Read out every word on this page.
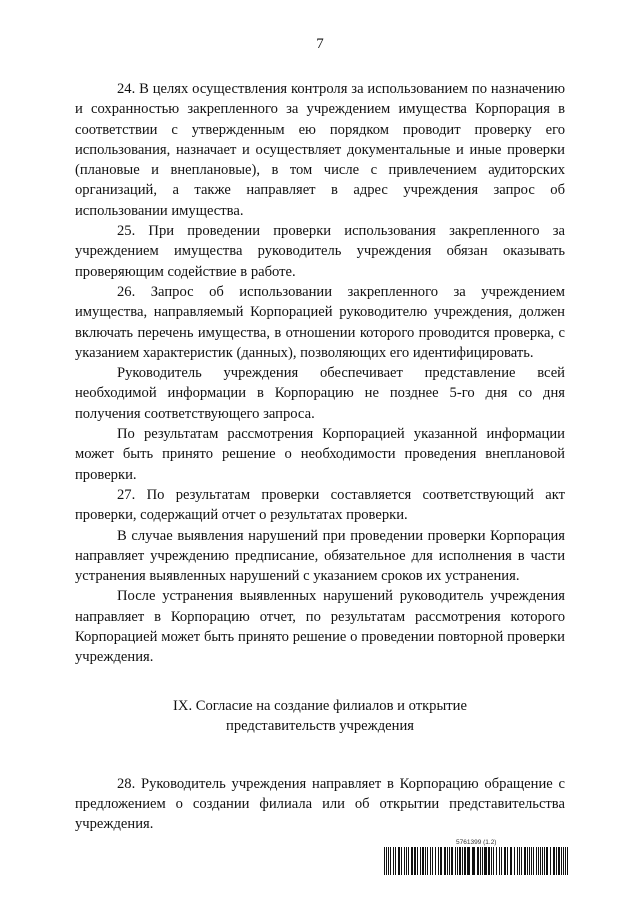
7

24. В целях осуществления контроля за использованием по назначению и сохранностью закрепленного за учреждением имущества Корпорация в соответствии с утвержденным ею порядком проводит проверку его использования, назначает и осуществляет документальные и иные проверки (плановые и внеплановые), в том числе с привлечением аудиторских организаций, а также направляет в адрес учреждения запрос об использовании имущества.

25. При проведении проверки использования закрепленного за учреждением имущества руководитель учреждения обязан оказывать проверяющим содействие в работе.

26. Запрос об использовании закрепленного за учреждением имущества, направляемый Корпорацией руководителю учреждения, должен включать перечень имущества, в отношении которого проводится проверка, с указанием характеристик (данных), позволяющих его идентифицировать.

Руководитель учреждения обеспечивает представление всей необходимой информации в Корпорацию не позднее 5-го дня со дня получения соответствующего запроса.

По результатам рассмотрения Корпорацией указанной информации может быть принято решение о необходимости проведения внеплановой проверки.

27. По результатам проверки составляется соответствующий акт проверки, содержащий отчет о результатах проверки.

В случае выявления нарушений при проведении проверки Корпорация направляет учреждению предписание, обязательное для исполнения в части устранения выявленных нарушений с указанием сроков их устранения.

После устранения выявленных нарушений руководитель учреждения направляет в Корпорацию отчет, по результатам рассмотрения которого Корпорацией может быть принято решение о проведении повторной проверки учреждения.

IX. Согласие на создание филиалов и открытие
представительств учреждения

28. Руководитель учреждения направляет в Корпорацию обращение с предложением о создании филиала или об открытии представительства учреждения.

5761399 (1.2)
